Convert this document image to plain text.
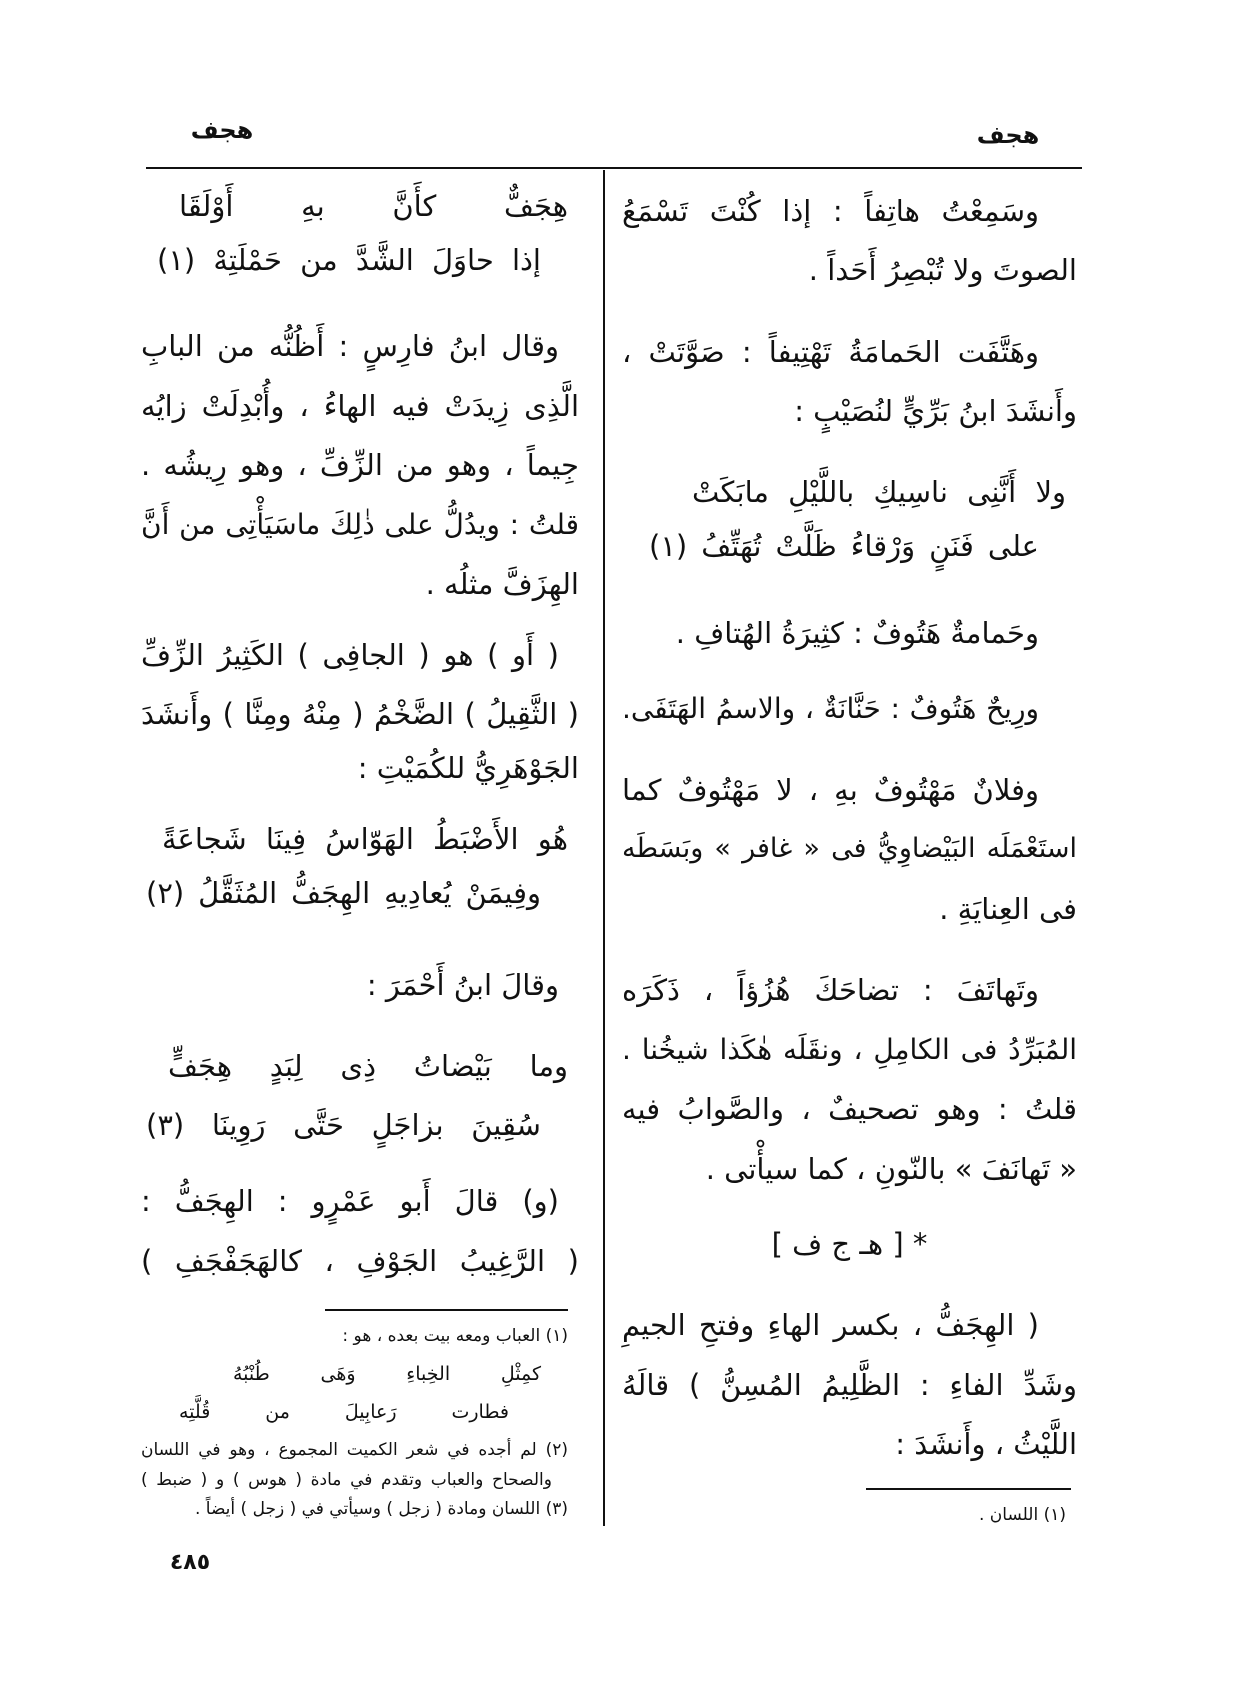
هجف
هجف
وسَمِعْتُ هاتِفاً : إذا كُنْتَ تَسْمَعُ
الصوتَ ولا تُبْصِرُ أَحَداً .
وهَتَّفَت الحَمامَةُ تَهْتِيفاً : صَوَّتَتْ ،
وأَنشَدَ ابنُ بَرِّيٍّ لنُصَيْبٍ :
ولا أَنَّنِى ناسِيكِ باللَّيْلِ مابَكَتْ
على فَنَنٍ وَرْقاءُ ظَلَّتْ تُهَتِّفُ (١)
وحَمامةٌ هَتُوفٌ : كثِيرَةُ الهُتافِ .
ورِيحٌ هَتُوفٌ : حَنَّانَةٌ ، والاسمُ الهَتَفَى.
وفلانٌ مَهْتُوفٌ بهِ ، لا مَهْتُوفٌ كما
استَعْمَلَه البَيْضاوِيُّ فى « غافر » وبَسَطَه
فى العِنايَةِ .
وتَهاتَفَ : تضاحَكَ هُزُؤاً ، ذَكَرَه
المُبَرِّدُ فى الكامِلِ ، ونقَلَه هٰكَذا شيخُنا .
قلتُ : وهو تصحيفٌ ، والصَّوابُ فيه
« تَهانَفَ » بالنّونِ ، كما سيأْتى .
* [ هـ ج ف ]
( الهِجَفُّ ، بكسر الهاءِ وفتحِ الجيمِ
وشَدِّ الفاءِ : الظَّلِيمُ المُسِنُّ ) قالَهُ
اللَّيْثُ ، وأَنشَدَ :
(١) اللسان .
هِجَفٌّ كأَنَّ بهِ أَوْلَقَا
إذا حاوَلَ الشَّدَّ من حَمْلَتِهْ (١)
وقال ابنُ فارِسٍ : أَظُنُّه من البابِ
الَّذِى زِيدَتْ فيه الهاءُ ، وأُبْدِلَتْ زايُه
جِيماً ، وهو من الزِّفِّ ، وهو رِيشُه .
قلتُ : ويدُلُّ على ذٰلِكَ ماسَيَأْتِى من أَنَّ
الهِزَفَّ مثلُه .
( أَو ) هو ( الجافِى ) الكَثِيرُ الزِّفِّ
( الثَّقِيلُ ) الضَّخْمُ ( مِنْهُ ومِنَّا ) وأَنشَدَ
الجَوْهَرِيُّ للكُمَيْتِ :
هُو الأَضْبَطُ الهَوّاسُ فِينَا شَجاعَةً
وفِيمَنْ يُعادِيهِ الهِجَفُّ المُثَقَّلُ (٢)
وقالَ ابنُ أَحْمَرَ :
وما بَيْضاتُ ذِى لِبَدٍ هِجَفٍّ
سُقِينَ بزاجَلٍ حَتَّى رَوِينَا (٣)
(و) قالَ أَبو عَمْرٍو : الهِجَفُّ :
( الرَّغِيبُ الجَوْفِ ، كالهَجَفْجَفِ )
(١) العباب ومعه بيت بعده ، هو :
كمِثْلِ الخِباءِ وَهَى طُنْبُهُ
فطارت رَعابِيلَ من قُلَّتِه
(٢) لم أجده في شعر الكميت المجموع ، وهو في اللسان
والصحاح والعباب وتقدم في مادة ( هوس ) و ( ضبط )
(٣) اللسان ومادة ( زجل ) وسيأتي في ( زجل ) أيضاً .
٤٨٥
